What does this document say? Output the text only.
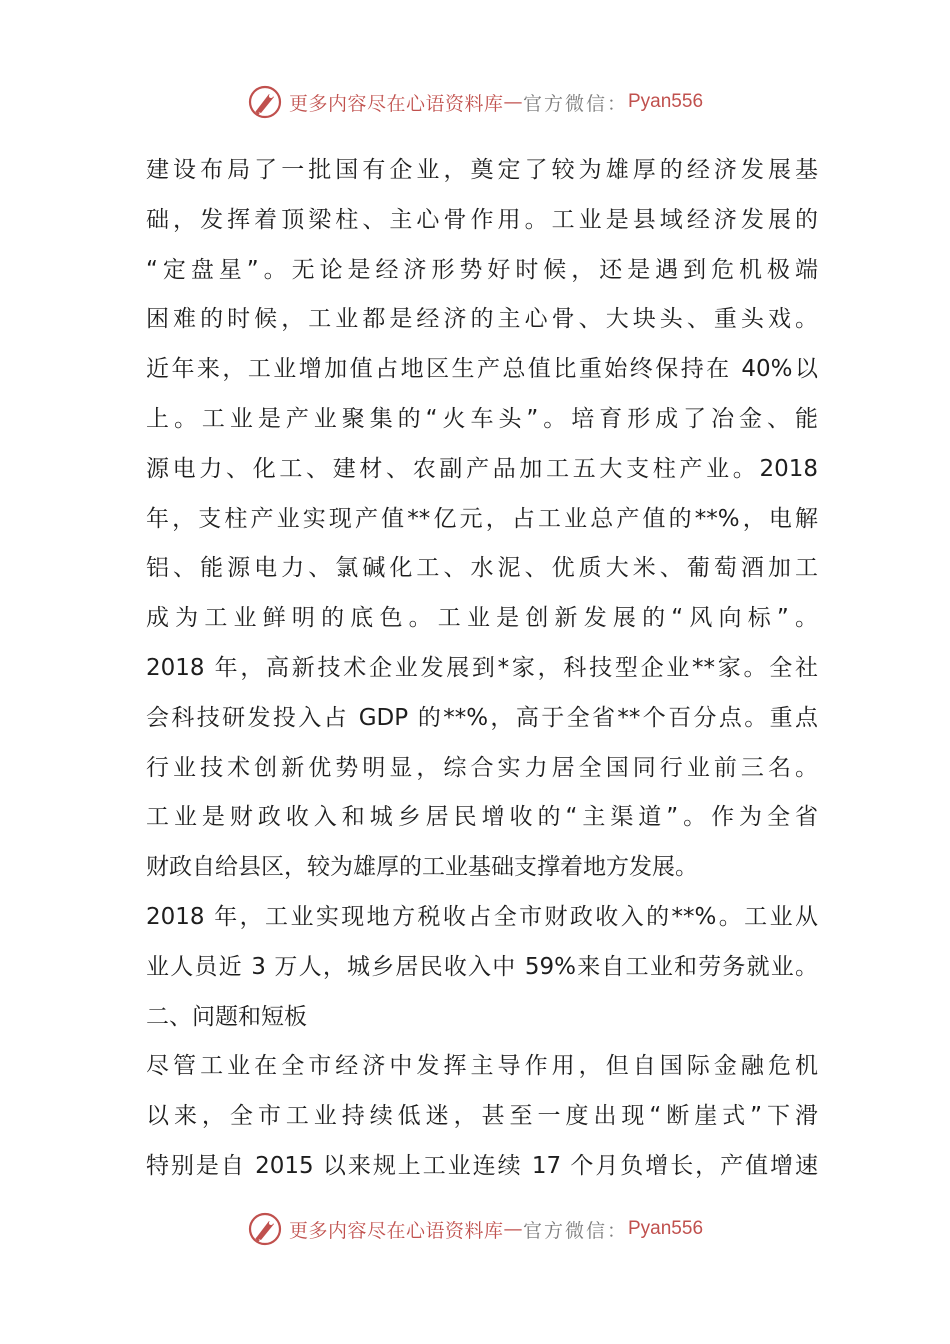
更多内容尽在心语资料库 — 官方微信： Pyan556
建设布局了一批国有企业，奠定了较为雄厚的经济发展基
础，发挥着顶梁柱、主心骨作用。工业是县域经济发展的
“定盘星”。无论是经济形势好时候，还是遇到危机极端
困难的时候，工业都是经济的主心骨、大块头、重头戏。
近年来，工业增加值占地区生产总值比重始终保持在 40%以
上。工业是产业聚集的“火车头”。培育形成了冶金、能
源电力、化工、建材、农副产品加工五大支柱产业。2018
年，支柱产业实现产值**亿元，占工业总产值的**%，电解
铝、能源电力、氯碱化工、水泥、优质大米、葡萄酒加工
成为工业鲜明的底色。工业是创新发展的“风向标”。
2018 年，高新技术企业发展到*家，科技型企业**家。全社
会科技研发投入占 GDP 的**%，高于全省**个百分点。重点
行业技术创新优势明显，综合实力居全国同行业前三名。
工业是财政收入和城乡居民增收的“主渠道”。作为全省
财政自给县区，较为雄厚的工业基础支撑着地方发展。
2018 年，工业实现地方税收占全市财政收入的**%。工业从
业人员近 3 万人，城乡居民收入中 59%来自工业和劳务就业。
二、问题和短板
尽管工业在全市经济中发挥主导作用，但自国际金融危机
以来，全市工业持续低迷，甚至一度出现“断崖式”下滑
特别是自 2015 以来规上工业连续 17 个月负增长，产值增速
更多内容尽在心语资料库 — 官方微信： Pyan556
